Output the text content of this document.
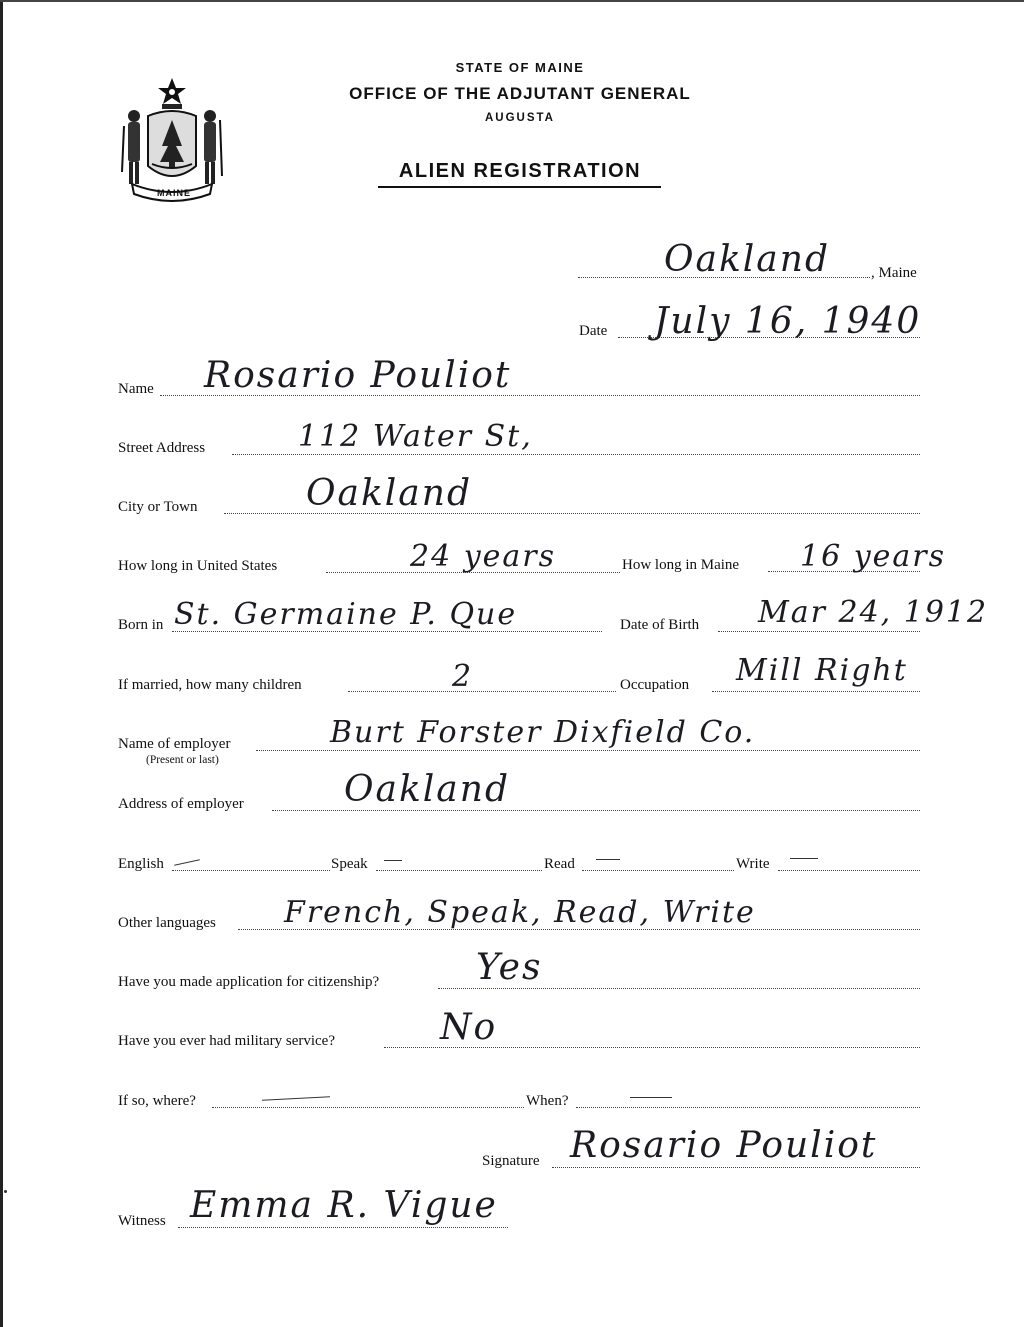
MAINE
STATE OF MAINE
OFFICE OF THE ADJUTANT GENERAL
AUGUSTA
ALIEN REGISTRATION
Oakland	, Maine
Date July 16, 1940
Name Rosario Pouliot
Street Address	112 Water St,
City or Town	Oakland
How long in United States	24 years	How long in Maine 16 years
Born in St. Germaine P. Que	Date of Birth Mar 24, 1912
If married, how many children	2	Occupation Mill Right
Name of employer
(Present or last)
Burt Forster Dixfield Co.
Address of employer	Oakland
English	Speak	Read	Write
Other languages French, Speak, Read, Write
Have you made application for citizenship?	Yes
Have you ever had military service?	No
If so, where?	When?
Signature Rosario Pouliot
Witness Emma R. Vigue
